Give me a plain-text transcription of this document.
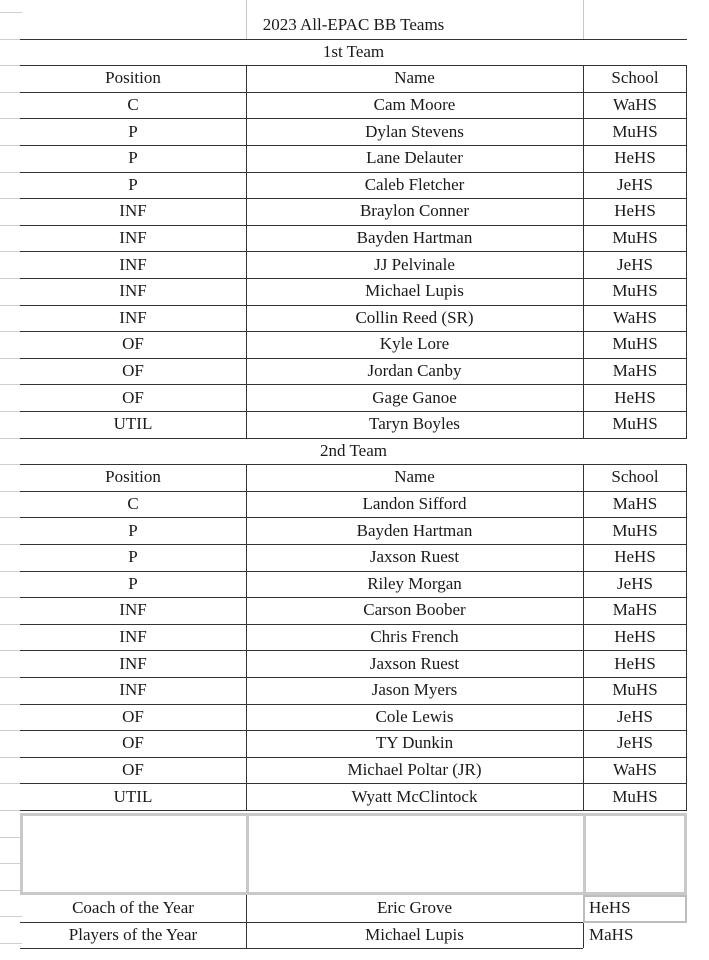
2023 All-EPAC BB Teams
1st Team
Position	Name	School
C	Cam Moore	WaHS
P	Dylan Stevens	MuHS
P	Lane Delauter	HeHS
P	Caleb Fletcher	JeHS
INF	Braylon Conner	HeHS
INF	Bayden Hartman	MuHS
INF	JJ Pelvinale	JeHS
INF	Michael Lupis	MuHS
INF	Collin Reed (SR)	WaHS
OF	Kyle Lore	MuHS
OF	Jordan Canby	MaHS
OF	Gage Ganoe	HeHS
UTIL	Taryn Boyles	MuHS
2nd Team
Position	Name	School
C	Landon Sifford	MaHS
P	Bayden Hartman	MuHS
P	Jaxson Ruest	HeHS
P	Riley Morgan	JeHS
INF	Carson Boober	MaHS
INF	Chris French	HeHS
INF	Jaxson Ruest	HeHS
INF	Jason Myers	MuHS
OF	Cole Lewis	JeHS
OF	TY Dunkin	JeHS
OF	Michael Poltar (JR)	WaHS
UTIL	Wyatt McClintock	MuHS
Coach of the Year	Eric Grove	HeHS
Players of the Year	Michael Lupis	MaHS
